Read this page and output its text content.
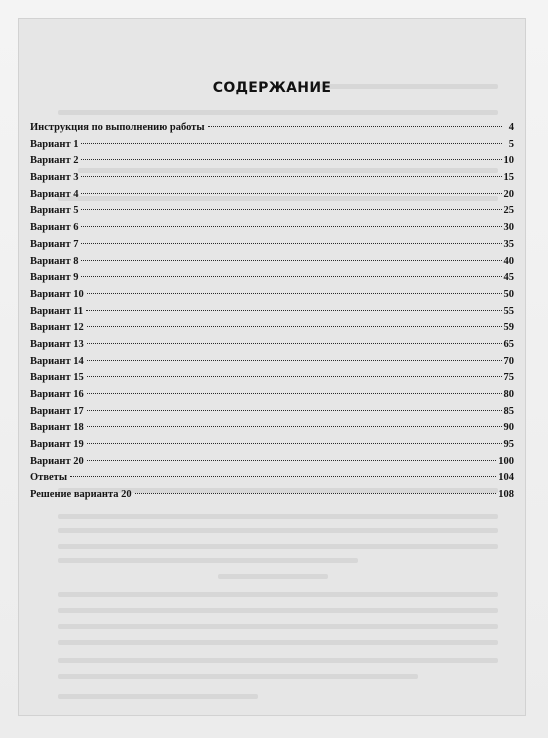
СОДЕРЖАНИЕ
Инструкция по выполнению работы	4
Вариант 1	5
Вариант 2	10
Вариант 3	15
Вариант 4	20
Вариант 5	25
Вариант 6	30
Вариант 7	35
Вариант 8	40
Вариант 9	45
Вариант 10	50
Вариант 11	55
Вариант 12	59
Вариант 13	65
Вариант 14	70
Вариант 15	75
Вариант 16	80
Вариант 17	85
Вариант 18	90
Вариант 19	95
Вариант 20	100
Ответы	104
Решение варианта 20	108
